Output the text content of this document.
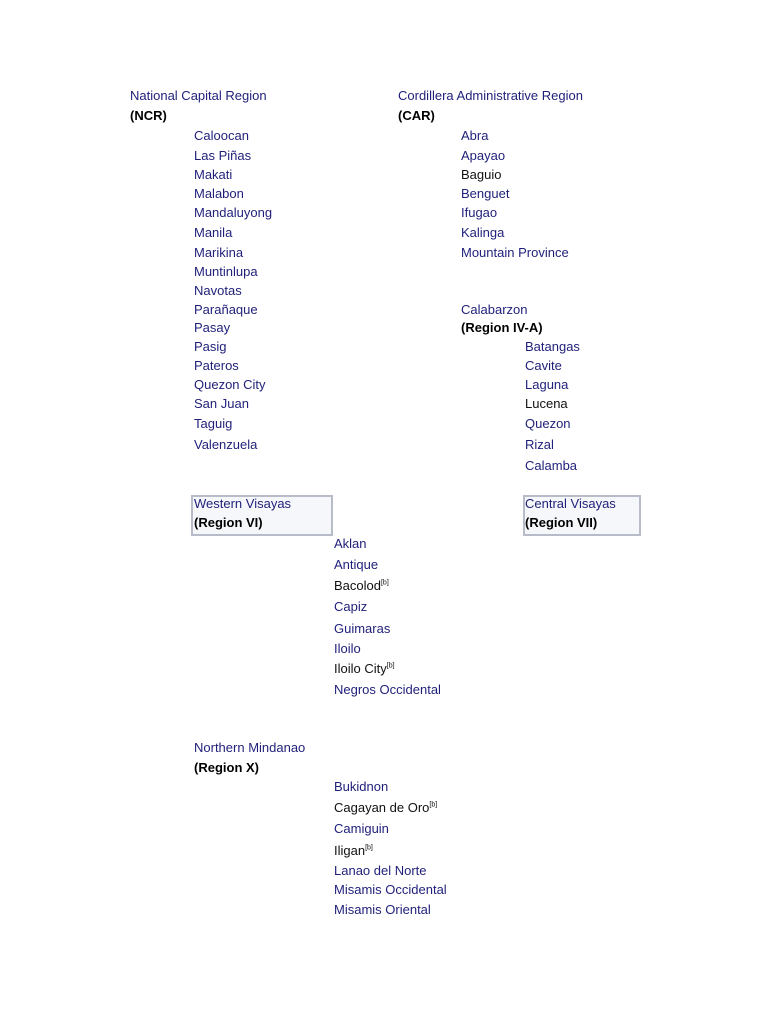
National Capital Region
(NCR)
Caloocan
Las Piñas
Makati
Malabon
Mandaluyong
Manila
Marikina
Muntinlupa
Navotas
Parañaque
Pasay
Pasig
Pateros
Quezon City
San Juan
Taguig
Valenzuela
Cordillera Administrative Region
(CAR)
Abra
Apayao
Baguio
Benguet
Ifugao
Kalinga
Mountain Province
Calabarzon
(Region IV-A)
Batangas
Cavite
Laguna
Lucena
Quezon
Rizal
Calamba
Western Visayas
(Region VI)
Aklan
Antique
Bacolod[b]
Capiz
Guimaras
Iloilo
Iloilo City[b]
Negros Occidental
Central Visayas
(Region VII)
Northern Mindanao
(Region X)
Bukidnon
Cagayan de Oro[b]
Camiguin
Iligan[b]
Lanao del Norte
Misamis Occidental
Misamis Oriental
